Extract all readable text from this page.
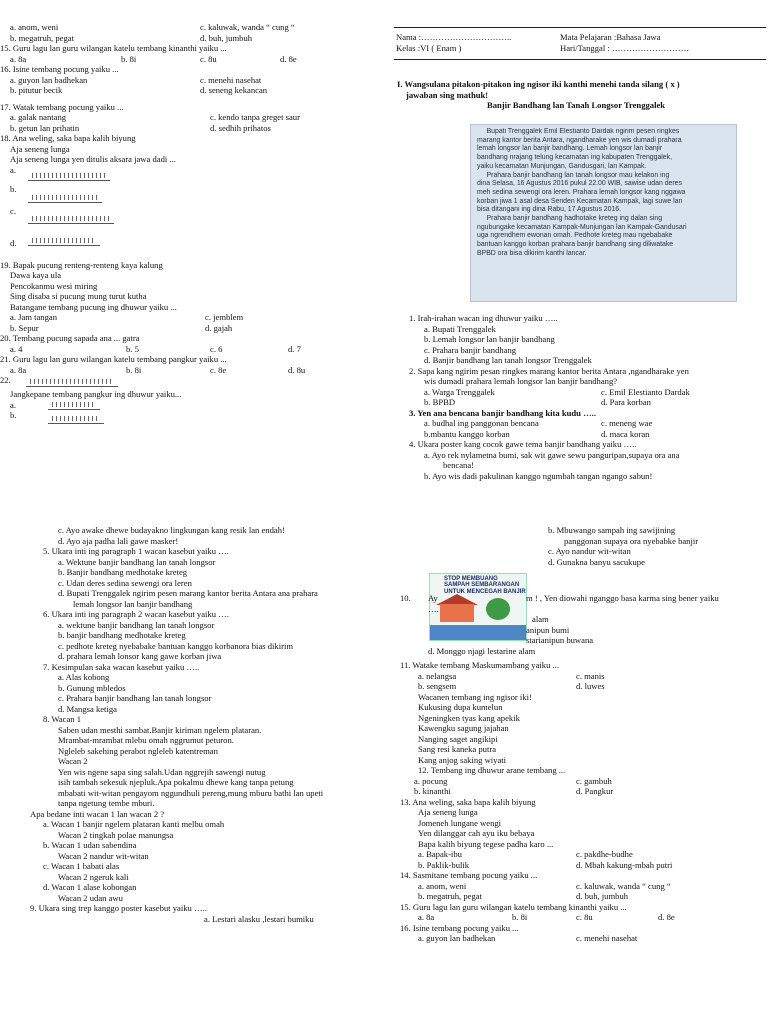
a. anom, weni	c. kaluwak, wanda “ cung “
b. megatruh, pegat	d. buh, jumbuh
15. Guru lagu lan guru wilangan katelu tembang kinanthi yaiku ...
a. 8a	b. 8i	c. 8u	d. 8e
16. Isine tembang pocung yaiku ...
a. guyon lan badhekan	c. menehi nasehat
b. pitutur becik	d. seneng kekancan
17. Watak tembang pocung yaiku ...
a. galak nantang	c. kendo tanpa greget saur
b. getun lan prihatin	d. sedhih prihatos
18. Ana weling, saka bapa kalih biyung
Aja seneng lunga
Aja seneng lunga yen ditulis aksara jawa dadi ...
a.
b.
c.
d.
19. Bapak pucung renteng-renteng kaya kalung
Dawa kaya ula
Pencokanmu wesi miring
Sing disaba si pucung mung turut kutha
Batangane tembang pucung ing dhuwur yaiku ...
a. Jam tangan	c. jemblem
b. Sepur	d. gajah
20. Tembang pucung sapada ana ... gatra
a. 4	b. 5	c. 6	d. 7
21. Guru lagu lan guru wilangan katelu tembang pangkur yaiku ...
a. 8a	b. 8i	c. 8e	d. 8u
22.
Jangkepane tembang pangkur ing dhuwur yaiku...
a.
b.
Nama :…………………………..	Mata Pelajaran :Bahasa Jawa
Kelas :VI ( Enam )	Hari/Tanggal : ………………………
I. Wangsulana pitakon-pitakon ing ngisor iki kanthi menehi tanda silang ( x )
jawaban sing mathuk!
Banjir Bandhang lan Tanah Longsor Trenggalek
Bupati Trenggalek Emil Elestianto Dardak ngirim pesen ringkes
marang kantor berita Antara, ngandharake yen wis dumadi prahara
lemah longsor lan banjir bandhang. Lemah longsor lan banjir
bandhang nrajang telung kecamatan ing kabupaten Trenggalek,
yaiku kecamatan Munjungan, Gandusgari, lan Kampak.
Prahara banjir bandhang lan tanah longsor mau kelakon ing
dina Selasa, 16 Agustus 2016 pukul 22.00 WIB, sawise udan deres
meh sedina sewengi ora leren. Prahara lemah longsor kang nggawa
korban jiwa 1 asal desa Senden Kecamatan Kampak, lagi suwe lan
bisa ditangani ing dina Rabu, 17 Agustus 2016.
Prahara banjir bandhang hadhotake kreteg ing dalan sing
ngubungake kecamatan Kampak-Munjungan lan Kampak-Gandusari
uga ngrendhem ewonan omah. Pedhote kreteg mau ngebabake
bantuan kanggo korban prahara banjir bandhang sing diliwatake
BPBD ora bisa dikirim kanthi lancar.
1. Irah-irahan wacan ing dhuwur yaiku …..
a. Bupati Trenggalek
b. Lemah longsor lan banjir bandhang
c. Prahara banjir bandhang
d. Banjir bandhang lan tanah longsor Trenggalek
2. Sapa kang ngirim pesan ringkes marang kantor berita Antara ,ngandharake yen
wis dumadi prahara lemah longsor lan banjir bandhang?
a. Warga Trenggalek	c. Emil Elestianto Dardak
b. BPBD	d. Para korban
3. Yen ana bencana banjir bandhang kita kudu …..
a. budhal ing panggonan bencana	c. meneng wae
b.mbantu kanggo korban	d. maca koran
4. Ukara poster kang cocok gawe tema banjir bandhang yaiku …..
a. Ayo rek nylametna bumi, sak wit gawe sewu panguripan,supaya ora ana
bencana!
b. Ayo wis dadi pakulinan kanggo ngumbah tangan ngango sabun!
c. Ayo awake dhewe budayakno lingkungan kang resik lan endah!
d. Ayo aja padha lali gawe masker!
5. Ukara inti ing paragraph 1 wacan kasebut yaiku ….
a. Wektune banjir bandhang lan tanah longsor
b. Banjir bandhang medhotake kreteg
c. Udan deres sedina sewengi ora leren
d. Bupati Trenggalek ngirim pesen marang kantor berita Antara ana prahara
lemah longsor lan banjir bandhang
6. Ukara inti ing paragraph 2 wacan kasebut yaiku ….
a. wektune banjir bandhang lan tanah longsor
b. banjir bandhang medhotake kreteg
c. pedhote kreteg nyebabake bantuan kanggo korbanora bias dikirim
d. prahara lemah lonsor kang gawe korban jiwa
7. Kesimpulan saka wacan kasebut yaiku …..
a. Alas kobong
b. Gunung mbledos
c. Prahara banjir bandhang lan tanah longsor
d. Mangsa ketiga
8. Wacan 1
Saben udan mesthi sambat.Banjir kiriman ngelem plataran.
Mrambat-mrambat mlebu omah nggrumut peturon.
Ngleleb sakehing perabot ngleleb katentreman
Wacan 2
Yen wis ngene sapa sing salah.Udan nggrejih sawengi nutug
isih tambah sekesuk njepluk.Apa pokalmu dhewe kang tanpa petung
mbabati wit-witan pengayom nggundhuli pereng,mung mburu bathi lan upeti
tanpa ngetung tembe mburi.
Apa bedane inti wacan 1 lan wacan 2 ?
a. Wacan 1 banjir ngelem plataran kanti melbu omah
Wacan 2 tingkah polae manungsa
b. Wacan 1 udan sabendina
Wacan 2 nandur wit-witan
c. Wacan 1 babati alas
Wacan 2 ngeruk kali
d. Wacan 1 alase kobongan
Wacan 2 udan awu
9. Ukara sing trep kanggo poster kasebut yaiku …..
a. Lestari alasku ,lestari bumiku
b. Mbuwango sampah ing sawijining
panggonan supaya ora nyebabke banjir
c. Ayo nandur wit-witan
d. Gunakna banyu sacukupe
STOP MEMBUANG
SAMPAH SEMBARANGAN
UNTUK MENCEGAH BANJIR
10. Ay	m ! , Yen diowahi nganggo basa karma sing bener yaiku
….
alam
anipun bumi
starianipun buwana
d. Monggo njagi lestarine alam
11. Watake tembang Maskumambang yaiku ...
a. nelangsa	c. manis
b. sengsem	d. luwes
Wacanen tembang ing ngisor iki!
Kukusing dupa kumelun
Ngeningken tyas kang apekik
Kawengku sagung jajahan
Nanging saget angikipi
Sang resi kaneka putra
Kang anjog saking wiyati
12. Tembang ing dhuwur arane tembang ...
a. pocung	c. gambuh
b. kinanthi	d. Pangkur
13. Ana weling, saka bapa kalih biyung
Aja seneng lunga
Jomeneh lungane wengi
Yen dilanggar cah ayu iku bebaya
Bapa kalih biyung tegese padha karo ...
a. Bapak-ibu	c. pakdhe-budhe
b. Paklik-bulik	d. Mbah kakung-mbah putri
14. Sasmitane tembang pocung yaiku ...
a. anom, weni	c. kaluwak, wanda “ cung “
b. megatruh, pegat	d. buh, jumbuh
15. Guru lagu lan guru wilangan katelu tembang kinanthi yaiku ...
a. 8a	b. 8i	c. 8u	d. 8e
16. Isine tembang pocung yaiku ...
a. guyon lan badhekan	c. menehi nasehat
